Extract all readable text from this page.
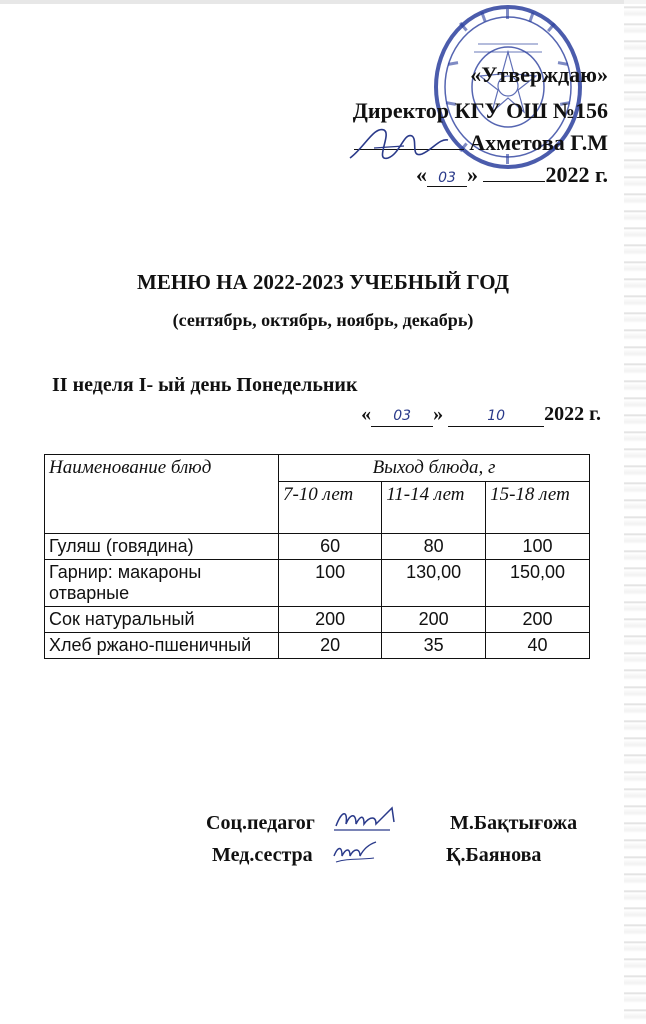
«Утверждаю»
Директор КГУ ОШ №156
Ахметова Г.М
« 03 »	2022 г.
МЕНЮ НА 2022-2023 УЧЕБНЫЙ ГОД
(сентябрь, октябрь, ноябрь, декабрь)
II неделя I- ый день Понедельник
« 03 »	10 2022 г.
Наименование блюд	Выход блюда, г		
	7-10 лет	11-14 лет	15-18 лет
Гуляш (говядина)	60	80	100
Гарнир: макароны отварные	100	130,00	150,00
Сок натуральный	200	200	200
Хлеб ржано-пшеничный	20	35	40
Соц.педагог	М.Бақтығожа
Мед.сестра	Қ.Баянова
